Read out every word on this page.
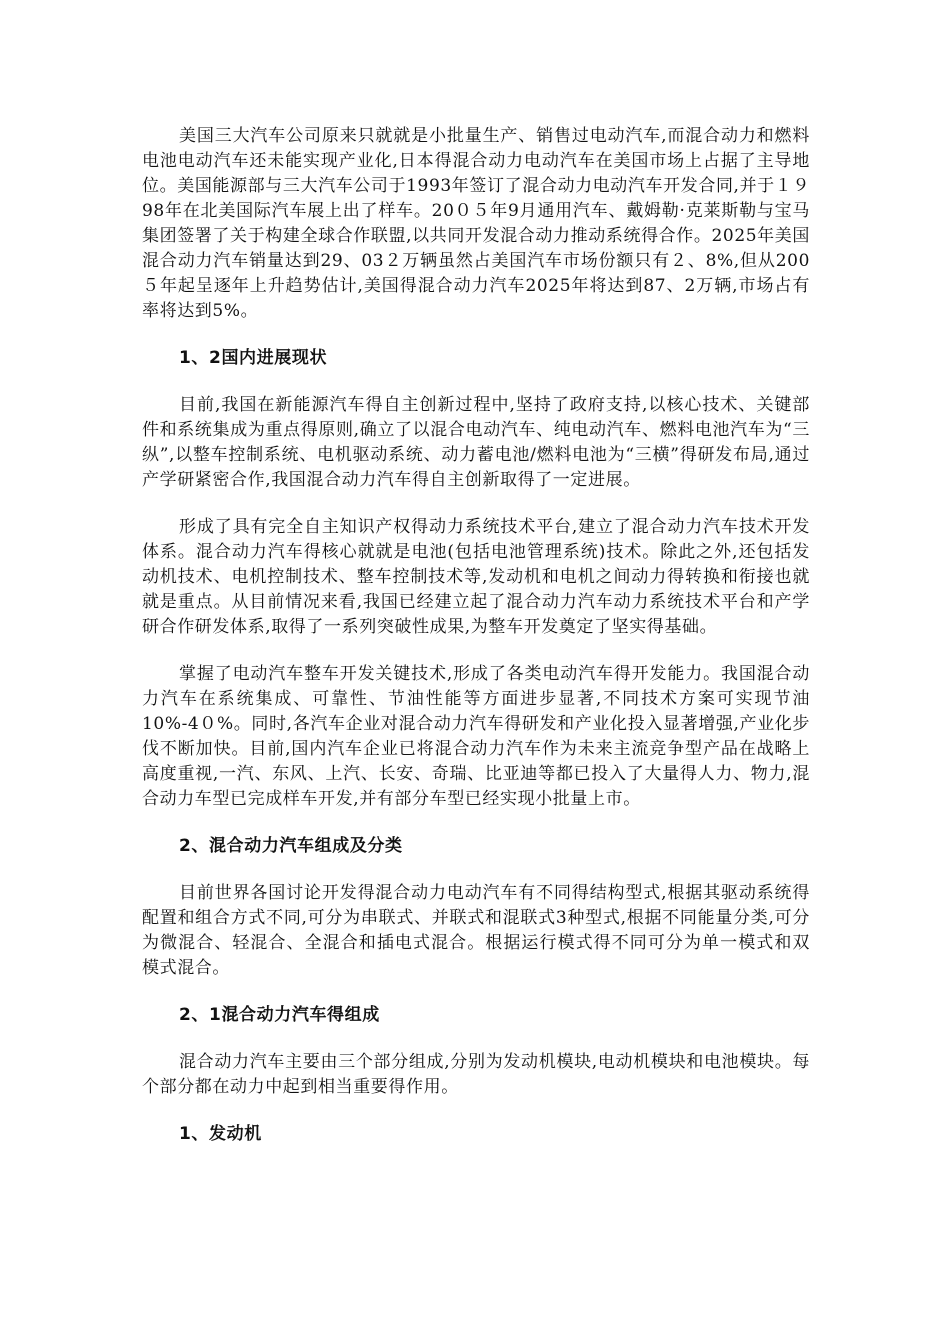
美国三大汽车公司原来只就就是小批量生产、销售过电动汽车,而混合动力和燃料电池电动汽车还未能实现产业化,日本得混合动力电动汽车在美国市场上占据了主导地位。美国能源部与三大汽车公司于1993年签订了混合动力电动汽车开发合同,并于１９98年在北美国际汽车展上出了样车。20０５年9月通用汽车、戴姆勒·克莱斯勒与宝马集团签署了关于构建全球合作联盟,以共同开发混合动力推动系统得合作。2025年美国混合动力汽车销量达到29、03２万辆虽然占美国汽车市场份额只有２、8%,但从200５年起呈逐年上升趋势估计,美国得混合动力汽车2025年将达到87、2万辆,市场占有率将达到5%。

1、2国内进展现状

目前,我国在新能源汽车得自主创新过程中,坚持了政府支持,以核心技术、关键部件和系统集成为重点得原则,确立了以混合电动汽车、纯电动汽车、燃料电池汽车为“三纵”,以整车控制系统、电机驱动系统、动力蓄电池/燃料电池为“三横”得研发布局,通过产学研紧密合作,我国混合动力汽车得自主创新取得了一定进展。

形成了具有完全自主知识产权得动力系统技术平台,建立了混合动力汽车技术开发体系。混合动力汽车得核心就就是电池(包括电池管理系统)技术。除此之外,还包括发动机技术、电机控制技术、整车控制技术等,发动机和电机之间动力得转换和衔接也就就是重点。从目前情况来看,我国已经建立起了混合动力汽车动力系统技术平台和产学研合作研发体系,取得了一系列突破性成果,为整车开发奠定了坚实得基础。

掌握了电动汽车整车开发关键技术,形成了各类电动汽车得开发能力。我国混合动力汽车在系统集成、可靠性、节油性能等方面进步显著,不同技术方案可实现节油10%-4０%。同时,各汽车企业对混合动力汽车得研发和产业化投入显著增强,产业化步伐不断加快。目前,国内汽车企业已将混合动力汽车作为未来主流竞争型产品在战略上高度重视,一汽、东风、上汽、长安、奇瑞、比亚迪等都已投入了大量得人力、物力,混合动力车型已完成样车开发,并有部分车型已经实现小批量上市。

2、混合动力汽车组成及分类

目前世界各国讨论开发得混合动力电动汽车有不同得结构型式,根据其驱动系统得配置和组合方式不同,可分为串联式、并联式和混联式3种型式,根据不同能量分类,可分为微混合、轻混合、全混合和插电式混合。根据运行模式得不同可分为单一模式和双模式混合。

2、1混合动力汽车得组成

混合动力汽车主要由三个部分组成,分别为发动机模块,电动机模块和电池模块。每个部分都在动力中起到相当重要得作用。

1、发动机
